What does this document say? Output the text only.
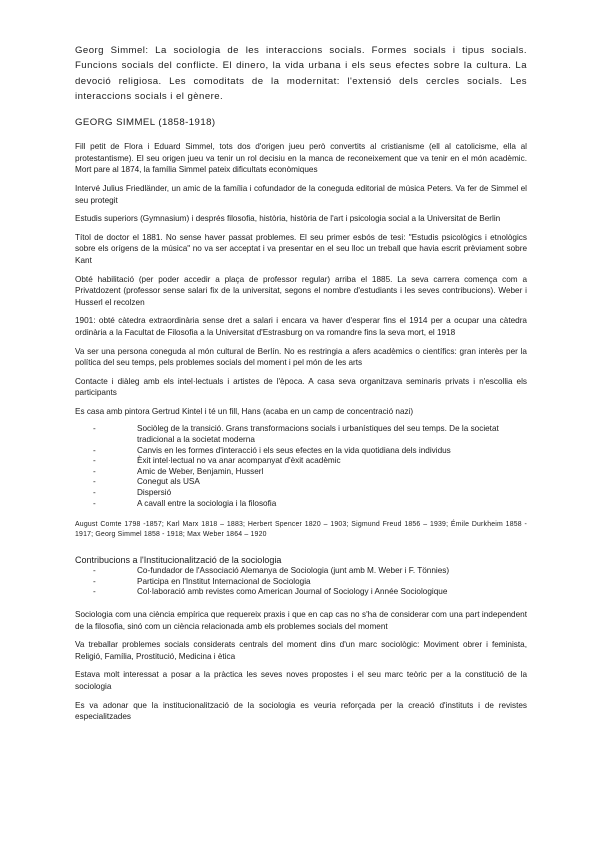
Georg Simmel: La sociologia de les interaccions socials. Formes socials i tipus socials. Funcions socials del conflicte. El dinero, la vida urbana i els seus efectes sobre la cultura. La devoció religiosa. Les comoditats de la modernitat: l'extensió dels cercles socials. Les interaccions socials i el gènere.

GEORG SIMMEL (1858-1918)

Fill petit de Flora i Eduard Simmel, tots dos d'origen jueu però convertits al cristianisme (ell al catolicisme, ella al protestantisme). El seu origen jueu va tenir un rol decisiu en la manca de reconeixement que va tenir en el món acadèmic. Mort pare al 1874, la família Simmel pateix dificultats econòmiques

Intervé Julius Friedländer, un amic de la família i cofundador de la coneguda editorial de música Peters. Va fer de Simmel el seu protegit

Estudis superiors (Gymnasium) i després filosofia, història, història de l'art i psicologia social a la Universitat de Berlin

Títol de doctor el 1881. No sense haver passat problemes. El seu primer esbós de tesi: "Estudis psicològics i etnològics sobre els orígens de la música" no va ser acceptat i va presentar en el seu lloc un treball que havia escrit prèviament sobre Kant

Obté habilitació (per poder accedir a plaça de professor regular) arriba el 1885. La seva carrera comença com a Privatdozent (professor sense salari fix de la universitat, segons el nombre d'estudiants i les seves contribucions). Weber i Husserl el recolzen

1901: obté càtedra extraordinària sense dret a salari i encara va haver d'esperar fins el 1914 per a ocupar una càtedra ordinària a la Facultat de Filosofia a la Universitat d'Estrasburg on va romandre fins la seva mort, el 1918

Va ser una persona coneguda al món cultural de Berlín. No es restringia a afers acadèmics o científics: gran interès per la política del seu temps, pels problemes socials del moment i pel món de les arts

Contacte i diàleg amb els intel·lectuals i artistes de l'època. A casa seva organitzava seminaris privats i n'escollia els participants

Es casa amb pintora Gertrud Kintel i té un fill, Hans (acaba en un camp de concentració nazi)

- Sociòleg de la transició. Grans transformacions socials i urbanístiques del seu temps. De la societat tradicional a la societat moderna
- Canvis en les formes d'interacció i els seus efectes en la vida quotidiana dels individus
- Èxit intel·lectual no va anar acompanyat d'èxit acadèmic
- Amic de Weber, Benjamin, Husserl
- Conegut als USA
- Dispersió
- A cavall entre la sociologia i la filosofia

August Comte 1798 -1857; Karl Marx 1818 – 1883; Herbert Spencer 1820 – 1903; Sigmund Freud 1856 – 1939; Émile Durkheim 1858 - 1917; Georg Simmel 1858 - 1918; Max Weber 1864 – 1920

Contribucions a l'Institucionalització de la sociologia

- Co-fundador de l'Associació Alemanya de Sociologia (junt amb M. Weber i F. Tönnies)
- Participa en l'Institut Internacional de Sociologia
- Col·laboració amb revistes como American Journal of Sociology i Année Sociologique

Sociologia com una ciència empírica que requereix praxis i que en cap cas no s'ha de considerar com una part independent de la filosofia, sinó com un ciència relacionada amb els problemes socials del moment

Va treballar problemes socials considerats centrals del moment dins d'un marc sociològic: Moviment obrer i feminista, Religió, Família, Prostitució, Medicina i ètica

Estava molt interessat a posar a la pràctica les seves noves propostes i el seu marc teòric per a la constitució de la sociologia

Es va adonar que la institucionalització de la sociologia es veuria reforçada per la creació d'instituts i de revistes especialitzades
